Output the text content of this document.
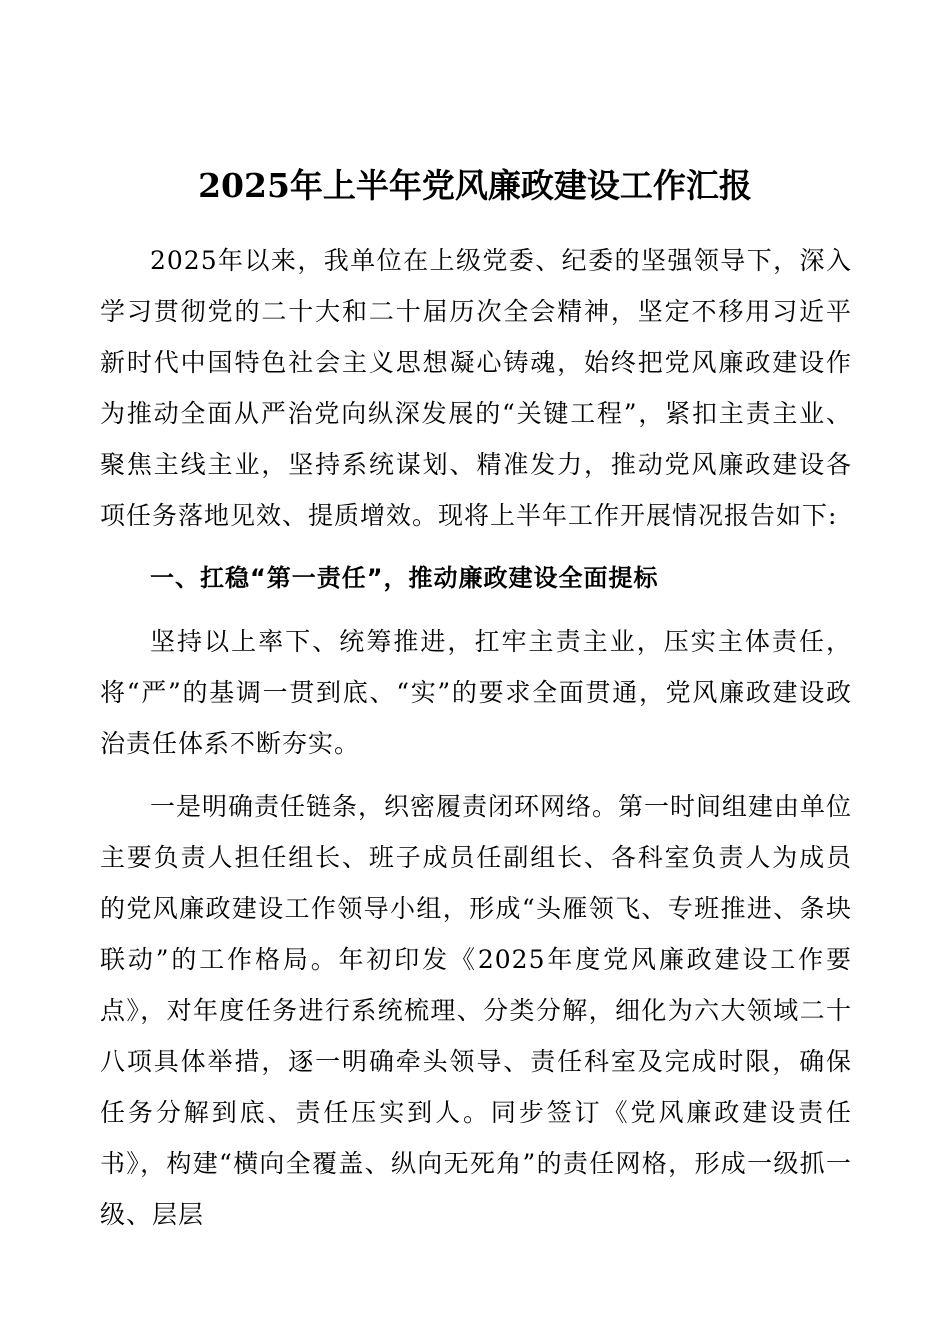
2025年上半年党风廉政建设工作汇报

2025年以来，我单位在上级党委、纪委的坚强领导下，深入学习贯彻党的二十大和二十届历次全会精神，坚定不移用习近平新时代中国特色社会主义思想凝心铸魂，始终把党风廉政建设作为推动全面从严治党向纵深发展的“关键工程”，紧扣主责主业、聚焦主线主业，坚持系统谋划、精准发力，推动党风廉政建设各项任务落地见效、提质增效。现将上半年工作开展情况报告如下:

一、扛稳“第一责任”，推动廉政建设全面提标

坚持以上率下、统筹推进，扛牢主责主业，压实主体责任，将“严”的基调一贯到底、“实”的要求全面贯通，党风廉政建设政治责任体系不断夯实。

一是明确责任链条，织密履责闭环网络。第一时间组建由单位主要负责人担任组长、班子成员任副组长、各科室负责人为成员的党风廉政建设工作领导小组，形成“头雁领飞、专班推进、条块联动”的工作格局。年初印发《2025年度党风廉政建设工作要点》，对年度任务进行系统梳理、分类分解，细化为六大领域二十八项具体举措，逐一明确牵头领导、责任科室及完成时限，确保任务分解到底、责任压实到人。同步签订《党风廉政建设责任书》，构建“横向全覆盖、纵向无死角”的责任网格，形成一级抓一级、层层
